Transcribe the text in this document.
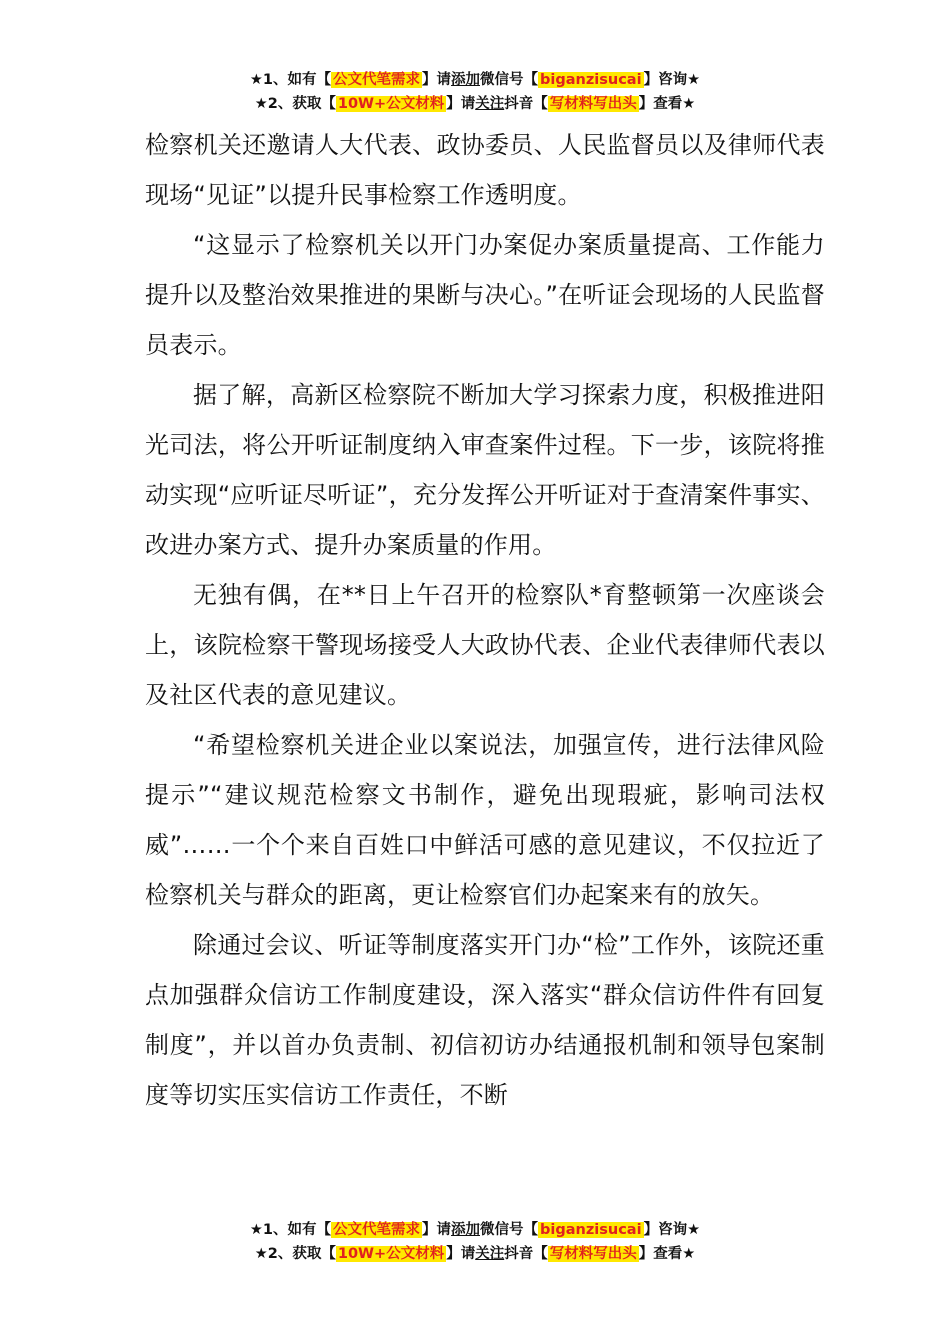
★1、如有【 公文代笔需求 】请添加微信号【 biganzisucai 】咨询★
★2、获取【 10W+公文材料 】请关注抖音【 写材料写出头 】查看★

检察机关还邀请人大代表、政协委员、人民监督员以及律师代表现场“见证”以提升民事检察工作透明度。

“这显示了检察机关以开门办案促办案质量提高、工作能力提升以及整治效果推进的果断与决心。”在听证会现场的人民监督员表示。

据了解，高新区检察院不断加大学习探索力度，积极推进阳光司法，将公开听证制度纳入审查案件过程。下一步，该院将推动实现“应听证尽听证”，充分发挥公开听证对于查清案件事实、改进办案方式、提升办案质量的作用。

无独有偶，在**日上午召开的检察队*育整顿第一次座谈会上，该院检察干警现场接受人大政协代表、企业代表律师代表以及社区代表的意见建议。

“希望检察机关进企业以案说法，加强宣传，进行法律风险提示”“建议规范检察文书制作，避免出现瑕疵，影响司法权威”……一个个来自百姓口中鲜活可感的意见建议，不仅拉近了检察机关与群众的距离，更让检察官们办起案来有的放矢。

除通过会议、听证等制度落实开门办“检”工作外，该院还重点加强群众信访工作制度建设，深入落实“群众信访件件有回复制度”，并以首办负责制、初信初访办结通报机制和领导包案制度等切实压实信访工作责任，不断

★1、如有【 公文代笔需求 】请添加微信号【 biganzisucai 】咨询★
★2、获取【 10W+公文材料 】请关注抖音【 写材料写出头 】查看★
